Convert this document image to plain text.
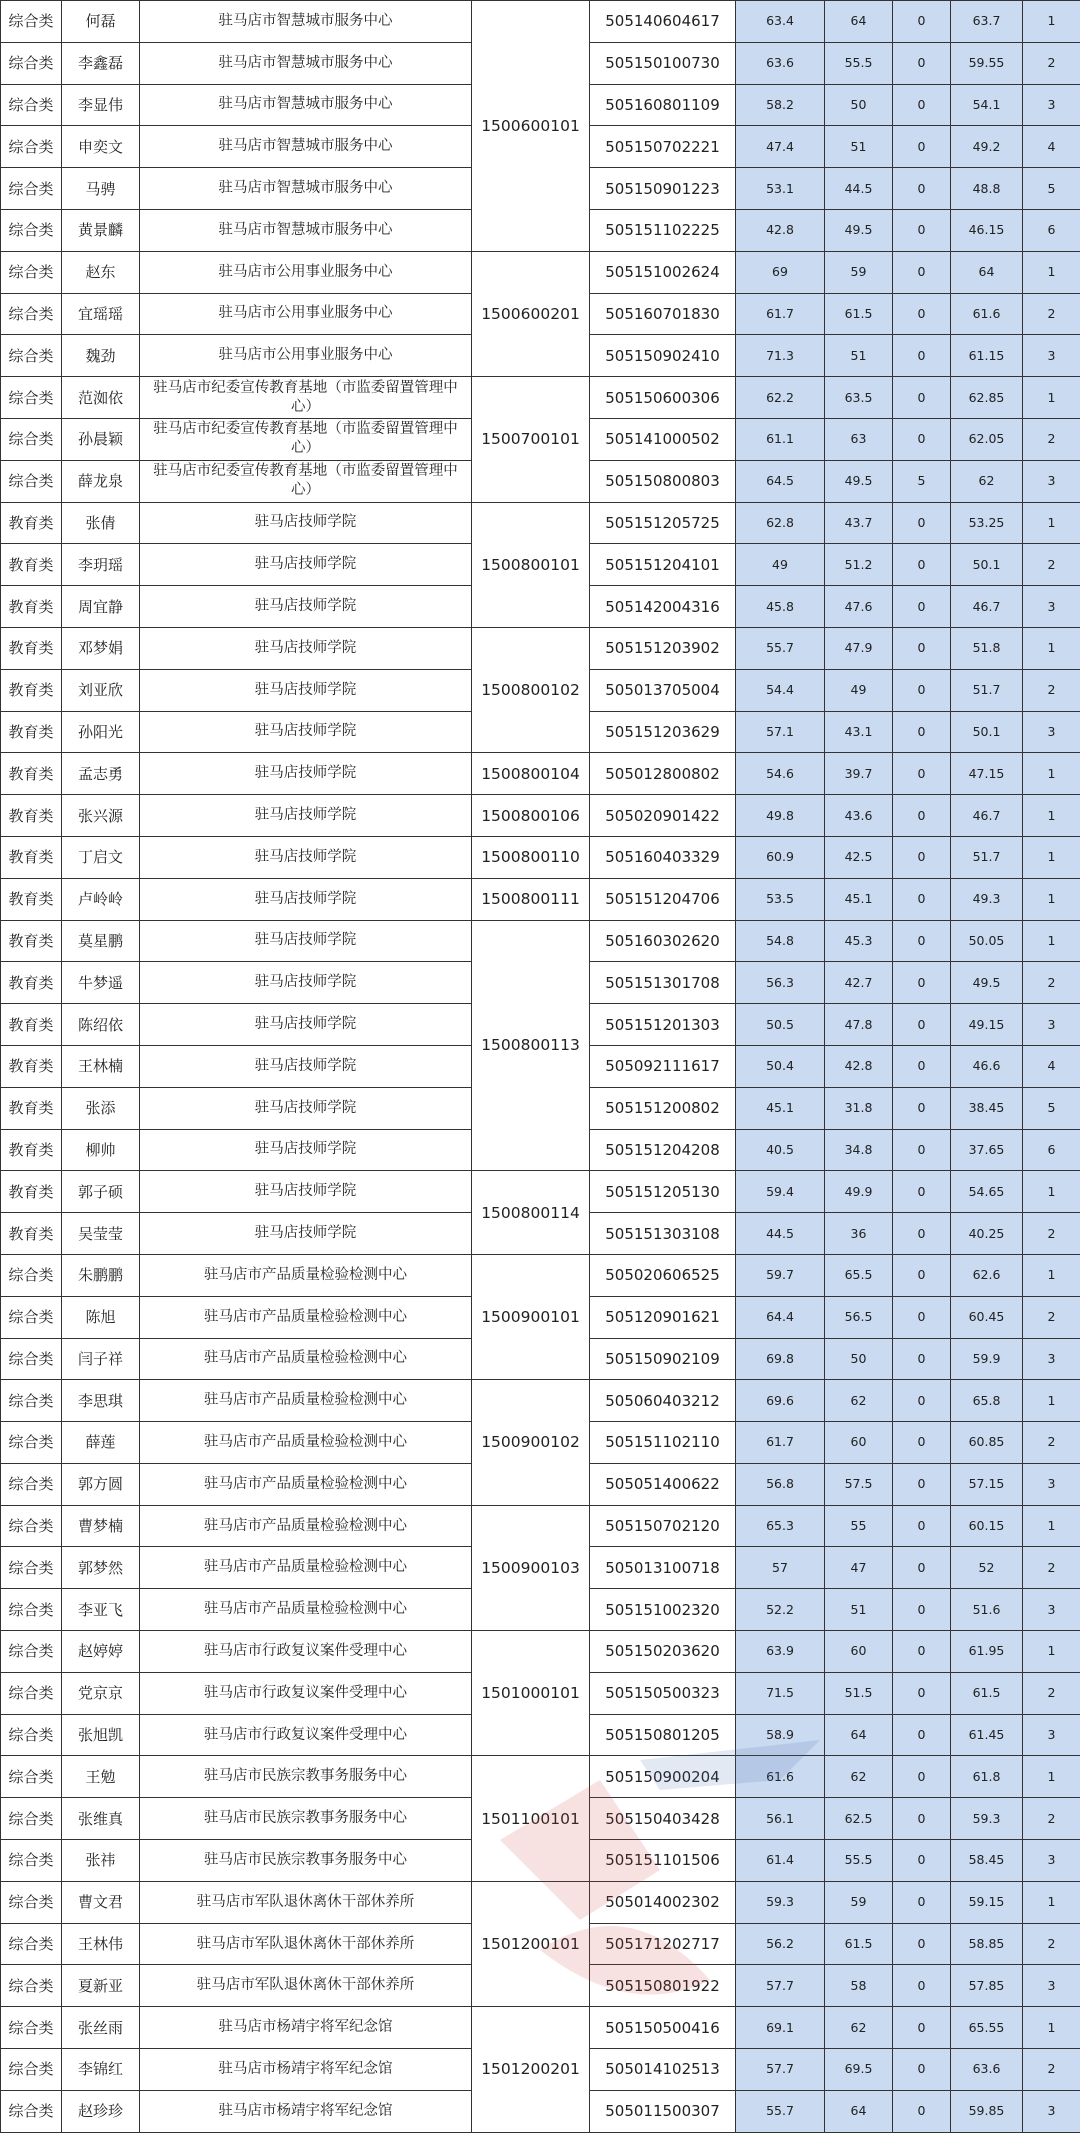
综合类	何磊	驻马店市智慧城市服务中心	1500600101	505140604617	63.4	64	0	63.7	1
综合类	李鑫磊	驻马店市智慧城市服务中心		505150100730	63.6	55.5	0	59.55	2
综合类	李显伟	驻马店市智慧城市服务中心		505160801109	58.2	50	0	54.1	3
综合类	申奕文	驻马店市智慧城市服务中心		505150702221	47.4	51	0	49.2	4
综合类	马骋	驻马店市智慧城市服务中心		505150901223	53.1	44.5	0	48.8	5
综合类	黄景麟	驻马店市智慧城市服务中心		505151102225	42.8	49.5	0	46.15	6
综合类	赵东	驻马店市公用事业服务中心	1500600201	505151002624	69	59	0	64	1
综合类	宜瑶瑶	驻马店市公用事业服务中心		505160701830	61.7	61.5	0	61.6	2
综合类	魏劲	驻马店市公用事业服务中心		505150902410	71.3	51	0	61.15	3
综合类	范洳依	驻马店市纪委宣传教育基地（市监委留置管理中心）	1500700101	505150600306	62.2	63.5	0	62.85	1
综合类	孙晨颖	驻马店市纪委宣传教育基地（市监委留置管理中心）		505141000502	61.1	63	0	62.05	2
综合类	薛龙泉	驻马店市纪委宣传教育基地（市监委留置管理中心）		505150800803	64.5	49.5	5	62	3
教育类	张倩	驻马店技师学院	1500800101	505151205725	62.8	43.7	0	53.25	1
教育类	李玥瑶	驻马店技师学院		505151204101	49	51.2	0	50.1	2
教育类	周宜静	驻马店技师学院		505142004316	45.8	47.6	0	46.7	3
教育类	邓梦娟	驻马店技师学院	1500800102	505151203902	55.7	47.9	0	51.8	1
教育类	刘亚欣	驻马店技师学院		505013705004	54.4	49	0	51.7	2
教育类	孙阳光	驻马店技师学院		505151203629	57.1	43.1	0	50.1	3
教育类	孟志勇	驻马店技师学院	1500800104	505012800802	54.6	39.7	0	47.15	1
教育类	张兴源	驻马店技师学院	1500800106	505020901422	49.8	43.6	0	46.7	1
教育类	丁启文	驻马店技师学院	1500800110	505160403329	60.9	42.5	0	51.7	1
教育类	卢岭岭	驻马店技师学院	1500800111	505151204706	53.5	45.1	0	49.3	1
教育类	莫星鹏	驻马店技师学院	1500800113	505160302620	54.8	45.3	0	50.05	1
教育类	牛梦遥	驻马店技师学院		505151301708	56.3	42.7	0	49.5	2
教育类	陈绍依	驻马店技师学院		505151201303	50.5	47.8	0	49.15	3
教育类	王林楠	驻马店技师学院		505092111617	50.4	42.8	0	46.6	4
教育类	张添	驻马店技师学院		505151200802	45.1	31.8	0	38.45	5
教育类	柳帅	驻马店技师学院		505151204208	40.5	34.8	0	37.65	6
教育类	郭子硕	驻马店技师学院	1500800114	505151205130	59.4	49.9	0	54.65	1
教育类	吴莹莹	驻马店技师学院		505151303108	44.5	36	0	40.25	2
综合类	朱鹏鹏	驻马店市产品质量检验检测中心	1500900101	505020606525	59.7	65.5	0	62.6	1
综合类	陈旭	驻马店市产品质量检验检测中心		505120901621	64.4	56.5	0	60.45	2
综合类	闫子祥	驻马店市产品质量检验检测中心		505150902109	69.8	50	0	59.9	3
综合类	李思琪	驻马店市产品质量检验检测中心	1500900102	505060403212	69.6	62	0	65.8	1
综合类	薛莲	驻马店市产品质量检验检测中心		505151102110	61.7	60	0	60.85	2
综合类	郭方圆	驻马店市产品质量检验检测中心		505051400622	56.8	57.5	0	57.15	3
综合类	曹梦楠	驻马店市产品质量检验检测中心	1500900103	505150702120	65.3	55	0	60.15	1
综合类	郭梦然	驻马店市产品质量检验检测中心		505013100718	57	47	0	52	2
综合类	李亚飞	驻马店市产品质量检验检测中心		505151002320	52.2	51	0	51.6	3
综合类	赵婷婷	驻马店市行政复议案件受理中心	1501000101	505150203620	63.9	60	0	61.95	1
综合类	党京京	驻马店市行政复议案件受理中心		505150500323	71.5	51.5	0	61.5	2
综合类	张旭凯	驻马店市行政复议案件受理中心		505150801205	58.9	64	0	61.45	3
综合类	王勉	驻马店市民族宗教事务服务中心	1501100101	505150900204	61.6	62	0	61.8	1
综合类	张维真	驻马店市民族宗教事务服务中心		505150403428	56.1	62.5	0	59.3	2
综合类	张祎	驻马店市民族宗教事务服务中心		505151101506	61.4	55.5	0	58.45	3
综合类	曹文君	驻马店市军队退休离休干部休养所	1501200101	505014002302	59.3	59	0	59.15	1
综合类	王林伟	驻马店市军队退休离休干部休养所		505171202717	56.2	61.5	0	58.85	2
综合类	夏新亚	驻马店市军队退休离休干部休养所		505150801922	57.7	58	0	57.85	3
综合类	张丝雨	驻马店市杨靖宇将军纪念馆	1501200201	505150500416	69.1	62	0	65.55	1
综合类	李锦红	驻马店市杨靖宇将军纪念馆		505014102513	57.7	69.5	0	63.6	2
综合类	赵珍珍	驻马店市杨靖宇将军纪念馆		505011500307	55.7	64	0	59.85	3
